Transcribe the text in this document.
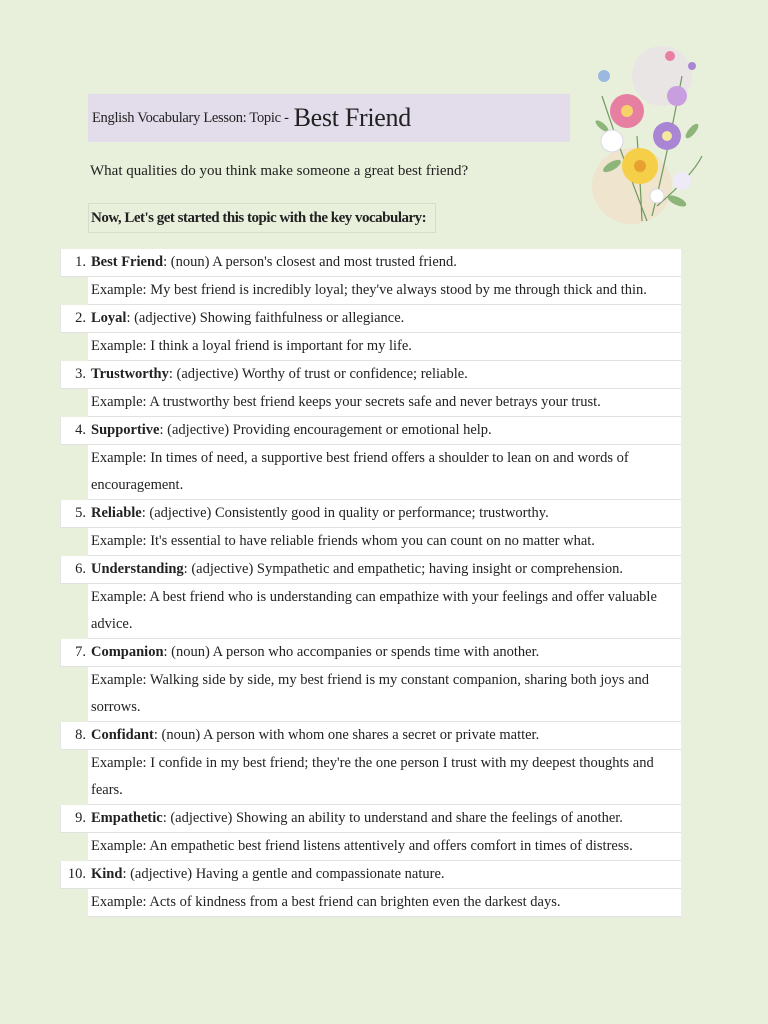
English Vocabulary Lesson: Topic - Best Friend
What qualities do you think make someone a great best friend?
Now, Let's get started this topic with the key vocabulary:
1. Best Friend: (noun) A person's closest and most trusted friend.
Example: My best friend is incredibly loyal; they've always stood by me through thick and thin.
2. Loyal: (adjective) Showing faithfulness or allegiance.
Example: I think a loyal friend is important for my life.
3. Trustworthy: (adjective) Worthy of trust or confidence; reliable.
Example: A trustworthy best friend keeps your secrets safe and never betrays your trust.
4. Supportive: (adjective) Providing encouragement or emotional help.
Example: In times of need, a supportive best friend offers a shoulder to lean on and words of encouragement.
5. Reliable: (adjective) Consistently good in quality or performance; trustworthy.
Example: It's essential to have reliable friends whom you can count on no matter what.
6. Understanding: (adjective) Sympathetic and empathetic; having insight or comprehension.
Example: A best friend who is understanding can empathize with your feelings and offer valuable advice.
7. Companion: (noun) A person who accompanies or spends time with another.
Example: Walking side by side, my best friend is my constant companion, sharing both joys and sorrows.
8. Confidant: (noun) A person with whom one shares a secret or private matter.
Example: I confide in my best friend; they're the one person I trust with my deepest thoughts and fears.
9. Empathetic: (adjective) Showing an ability to understand and share the feelings of another.
Example: An empathetic best friend listens attentively and offers comfort in times of distress.
10. Kind: (adjective) Having a gentle and compassionate nature.
Example: Acts of kindness from a best friend can brighten even the darkest days.
